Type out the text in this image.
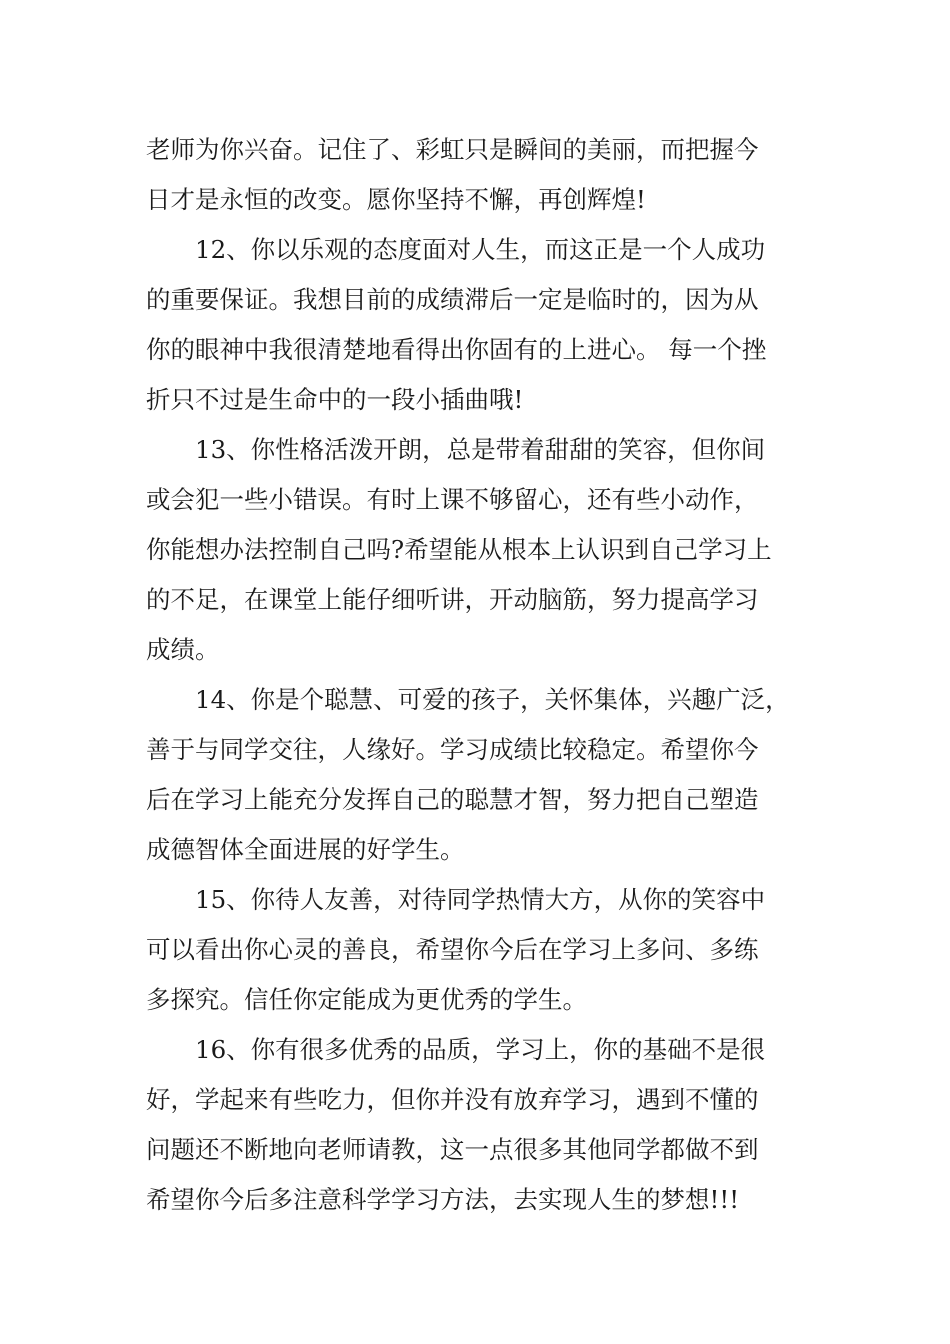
老师为你兴奋。记住了、彩虹只是瞬间的美丽，而把握今
日才是永恒的改变。愿你坚持不懈，再创辉煌!

　　12、你以乐观的态度面对人生，而这正是一个人成功
的重要保证。我想目前的成绩滞后一定是临时的，因为从
你的眼神中我很清楚地看得出你固有的上进心。 每一个挫
折只不过是生命中的一段小插曲哦!

　　13、你性格活泼开朗，总是带着甜甜的笑容，但你间
或会犯一些小错误。有时上课不够留心，还有些小动作，
你能想办法控制自己吗?希望能从根本上认识到自己学习上
的不足，在课堂上能仔细听讲，开动脑筋，努力提高学习
成绩。

　　14、你是个聪慧、可爱的孩子，关怀集体，兴趣广泛，
善于与同学交往，人缘好。学习成绩比较稳定。希望你今
后在学习上能充分发挥自己的聪慧才智，努力把自己塑造
成德智体全面进展的好学生。

　　15、你待人友善，对待同学热情大方，从你的笑容中
可以看出你心灵的善良，希望你今后在学习上多问、多练
多探究。信任你定能成为更优秀的学生。

　　16、你有很多优秀的品质，学习上，你的基础不是很
好，学起来有些吃力，但你并没有放弃学习，遇到不懂的
问题还不断地向老师请教，这一点很多其他同学都做不到
希望你今后多注意科学学习方法，去实现人生的梦想!!!
